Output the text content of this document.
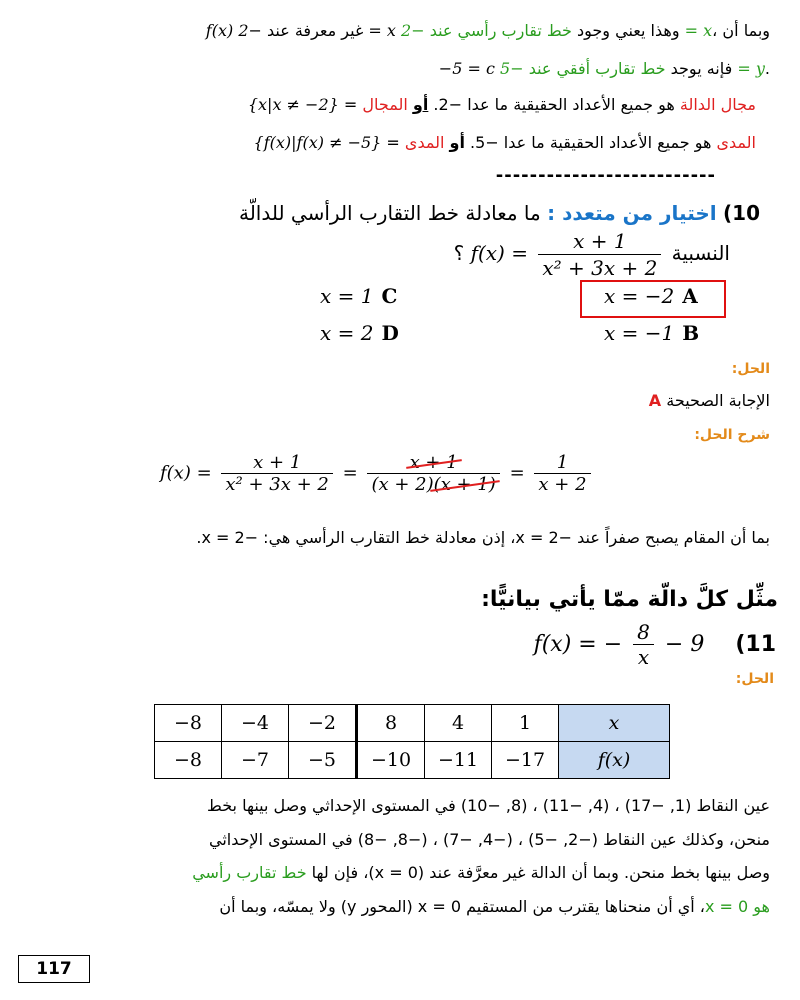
f(x) غير معرفة عند −2 = x وهذا يعني وجود خط تقارب رأسي عند −2 = x، وبما أن
−5 = c فإنه يوجد خط تقارب أفقي عند −5 = y.
مجال الدالة هو جميع الأعداد الحقيقية ما عدا −2. أو المجال = {x|x ≠ −2}
المدى هو جميع الأعداد الحقيقية ما عدا −5. أو المدى = {f(x)|f(x) ≠ −5}
--------------------------
10) اختيار من متعدد : ما معادلة خط التقارب الرأسي للدالّة
النسبية $f(x) = \frac{x + 1}{\text{x² + 3x + 2}}$
؟
x = −2 A
x = −1 B
x = 1 C
x = 2 D
الحل:
الإجابة الصحيحة A
شرح الحل:
$f(x) = \frac{x + 1}{\text{x² + 3x + 2}} = \frac{x + 1}{(x + 2)(x + 1)} = \frac{1}{x + 2}$
بما أن المقام يصبح صفراً عند −2 = x، إذن معادلة خط التقارب الرأسي هي: −2 = x.
مثِّل كلَّ دالّة ممّا يأتي بيانيًّا:
f(x) = − $\frac{8}{x} - 9$ (11
الحل:
−8	−4	−2	8	4	1	x
−8	−7	−5	−10	−11	−17	f(x)
عين النقاط (1, −17) ، (4, −11) ، (8, −10) في المستوى الإحداثي وصل بينها بخط
منحن، وكذلك عين النقاط (−2, −5) ، (−4, −7) ، (−8, −8) في المستوى الإحداثي
وصل بينها بخط منحن. وبما أن الدالة غير معرَّفة عند (x = 0)، فإن لها خط تقارب رأسي
هو x = 0، أي أن منحناها يقترب من المستقيم x = 0 (المحور y) ولا يمسّه، وبما أن
117
